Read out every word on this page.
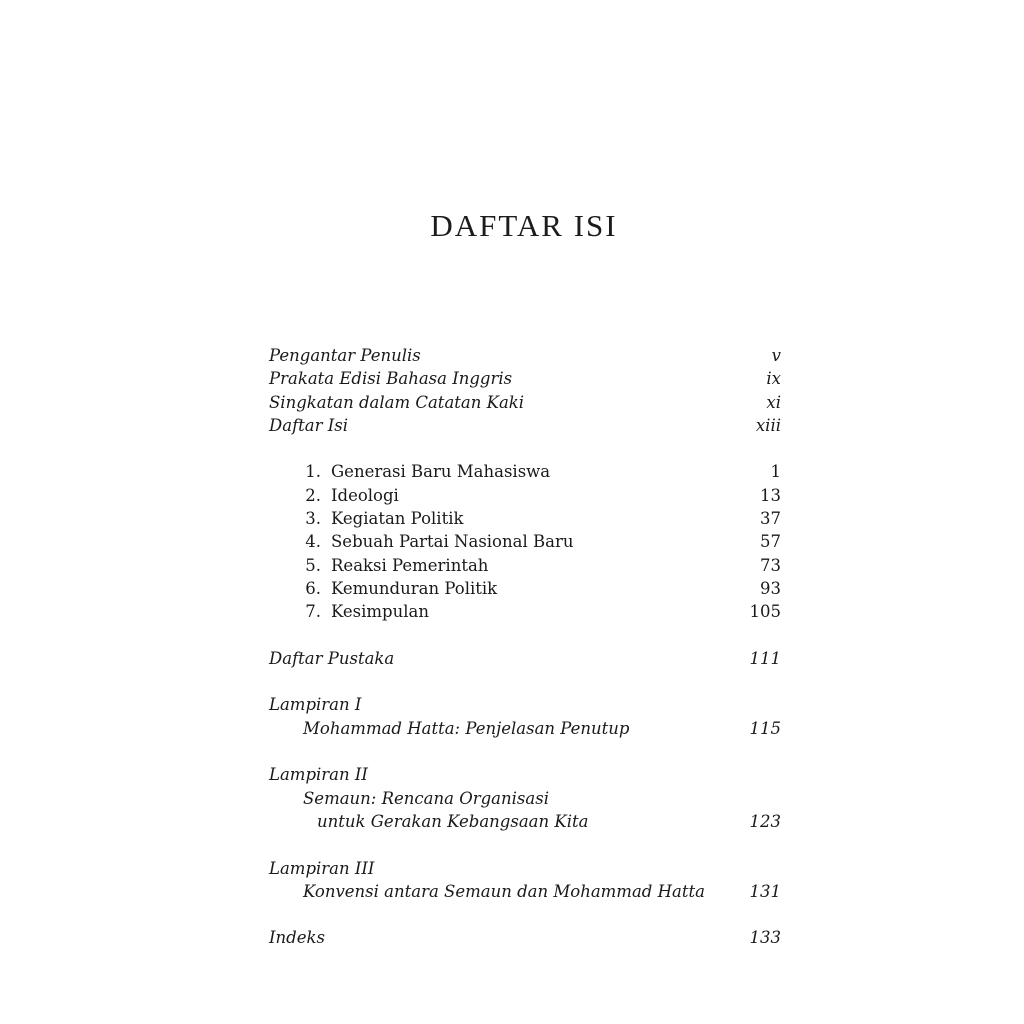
DAFTAR ISI
Pengantar Penulis	v
Prakata Edisi Bahasa Inggris	ix
Singkatan dalam Catatan Kaki	xi
Daftar Isi	xiii
1. Generasi Baru Mahasiswa	1
2. Ideologi	13
3. Kegiatan Politik	37
4. Sebuah Partai Nasional Baru	57
5. Reaksi Pemerintah	73
6. Kemunduran Politik	93
7. Kesimpulan	105
Daftar Pustaka	111
Lampiran I
Mohammad Hatta: Penjelasan Penutup	115
Lampiran II
Semaun: Rencana Organisasi
untuk Gerakan Kebangsaan Kita	123
Lampiran III
Konvensi antara Semaun dan Mohammad Hatta	131
Indeks	133
